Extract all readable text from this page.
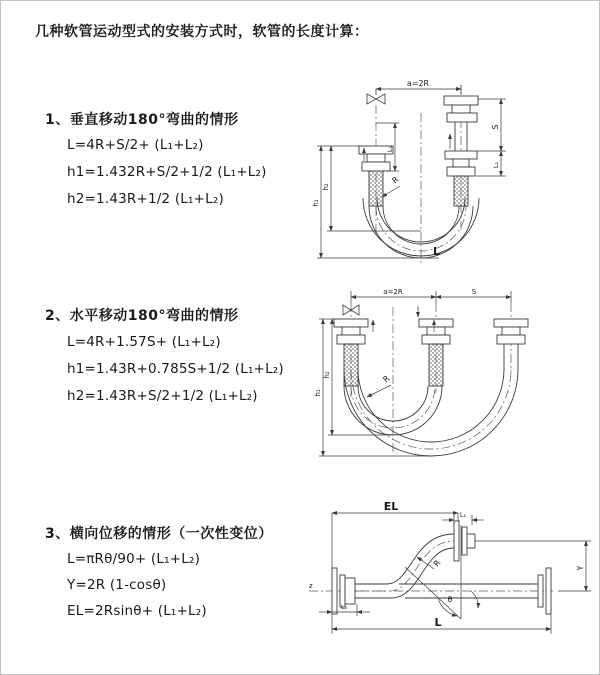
几种软管运动型式的安装方式时，软管的长度计算：
1、垂直移动180°弯曲的情形
L=4R+S/2+ (L₁+L₂)
h1=1.432R+S/2+1/2 (L₁+L₂)
h2=1.43R+1/2 (L₁+L₂)
2、水平移动180°弯曲的情形
L=4R+1.57S+ (L₁+L₂)
h1=1.43R+0.785S+1/2 (L₁+L₂)
h2=1.43R+S/2+1/2 (L₁+L₂)
3、横向位移的情形（一次性变位）
L=πRθ/90+ (L₁+L₂)
Y=2R (1-cosθ)
EL=2Rsinθ+ (L₁+L₂)
a=2R
L₁
S
L₂
h₂
h₁
R
L
a=2R	S
h₂
h₁
R
z
EL
L₁
Y
L
L₂
θ
R
